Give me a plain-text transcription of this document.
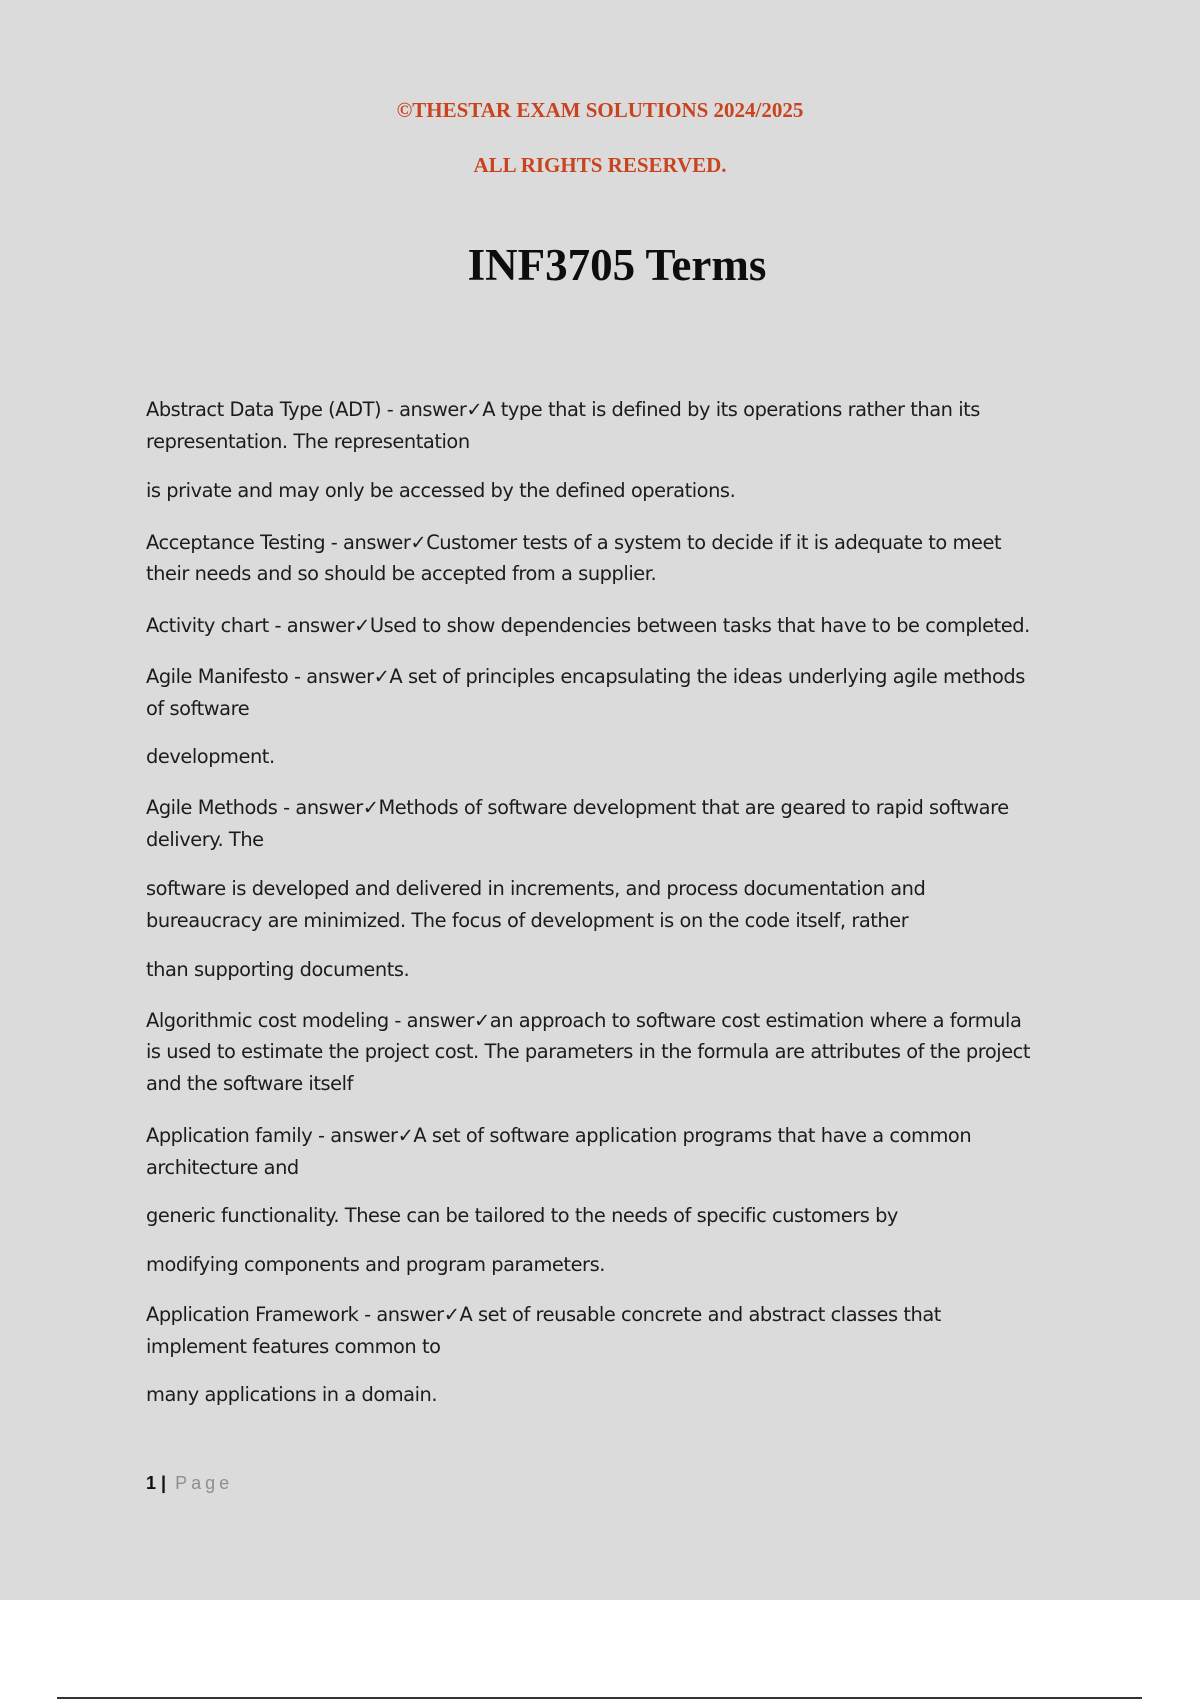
©THESTAR EXAM SOLUTIONS 2024/2025

ALL RIGHTS RESERVED.

INF3705 Terms

Abstract Data Type (ADT) - answer✓A type that is defined by its operations rather than its

representation. The representation

is private and may only be accessed by the defined operations.

Acceptance Testing - answer✓Customer tests of a system to decide if it is adequate to meet

their needs and so should be accepted from a supplier.

Activity chart - answer✓Used to show dependencies between tasks that have to be completed.

Agile Manifesto - answer✓A set of principles encapsulating the ideas underlying agile methods

of software

development.

Agile Methods - answer✓Methods of software development that are geared to rapid software

delivery. The

software is developed and delivered in increments, and process documentation and

bureaucracy are minimized. The focus of development is on the code itself, rather

than supporting documents.

Algorithmic cost modeling - answer✓an approach to software cost estimation where a formula

is used to estimate the project cost. The parameters in the formula are attributes of the project

and the software itself

Application family - answer✓A set of software application programs that have a common

architecture and

generic functionality. These can be tailored to the needs of specific customers by

modifying components and program parameters.

Application Framework - answer✓A set of reusable concrete and abstract classes that

implement features common to

many applications in a domain.

1 | Page
